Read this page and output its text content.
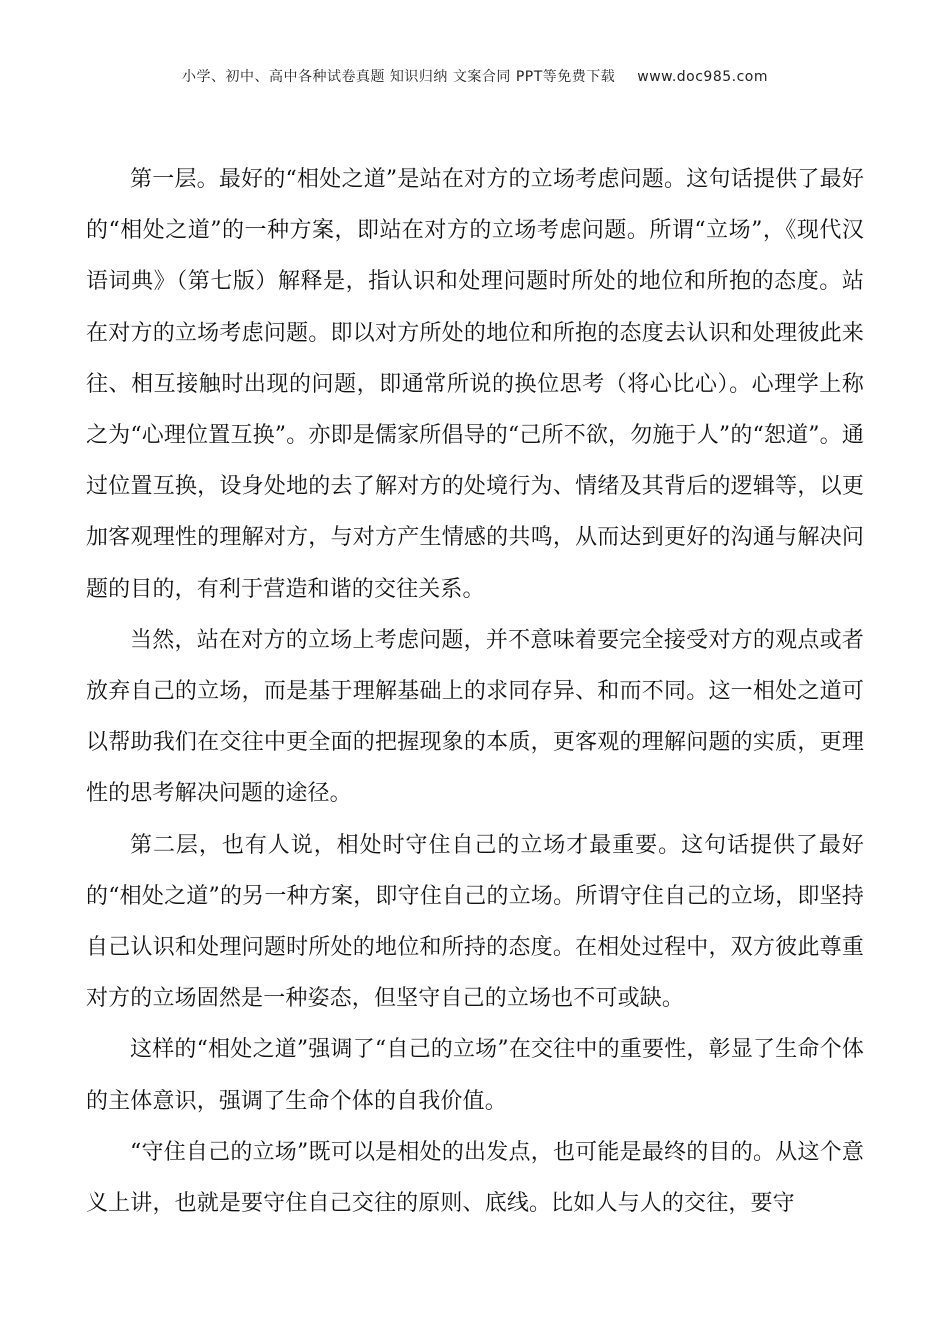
小学、初中、高中各种试卷真题 知识归纳 文案合同 PPT等免费下载 www.doc985.com

第一层。最好的“相处之道”是站在对方的立场考虑问题。这句话提供了最好的“相处之道”的一种方案，即站在对方的立场考虑问题。所谓“立场”，《现代汉语词典》（第七版）解释是，指认识和处理问题时所处的地位和所抱的态度。站在对方的立场考虑问题。即以对方所处的地位和所抱的态度去认识和处理彼此来往、相互接触时出现的问题，即通常所说的换位思考（将心比心）。心理学上称之为“心理位置互换”。亦即是儒家所倡导的“己所不欲，勿施于人”的“恕道”。通过位置互换，设身处地的去了解对方的处境行为、情绪及其背后的逻辑等，以更加客观理性的理解对方，与对方产生情感的共鸣，从而达到更好的沟通与解决问题的目的，有利于营造和谐的交往关系。

当然，站在对方的立场上考虑问题，并不意味着要完全接受对方的观点或者放弃自己的立场，而是基于理解基础上的求同存异、和而不同。这一相处之道可以帮助我们在交往中更全面的把握现象的本质，更客观的理解问题的实质，更理性的思考解决问题的途径。

第二层，也有人说，相处时守住自己的立场才最重要。这句话提供了最好的“相处之道”的另一种方案，即守住自己的立场。所谓守住自己的立场，即坚持自己认识和处理问题时所处的地位和所持的态度。在相处过程中，双方彼此尊重对方的立场固然是一种姿态，但坚守自己的立场也不可或缺。

这样的“相处之道”强调了“自己的立场”在交往中的重要性，彰显了生命个体的主体意识，强调了生命个体的自我价值。

“守住自己的立场”既可以是相处的出发点，也可能是最终的目的。从这个意义上讲，也就是要守住自己交往的原则、底线。比如人与人的交往，要守
